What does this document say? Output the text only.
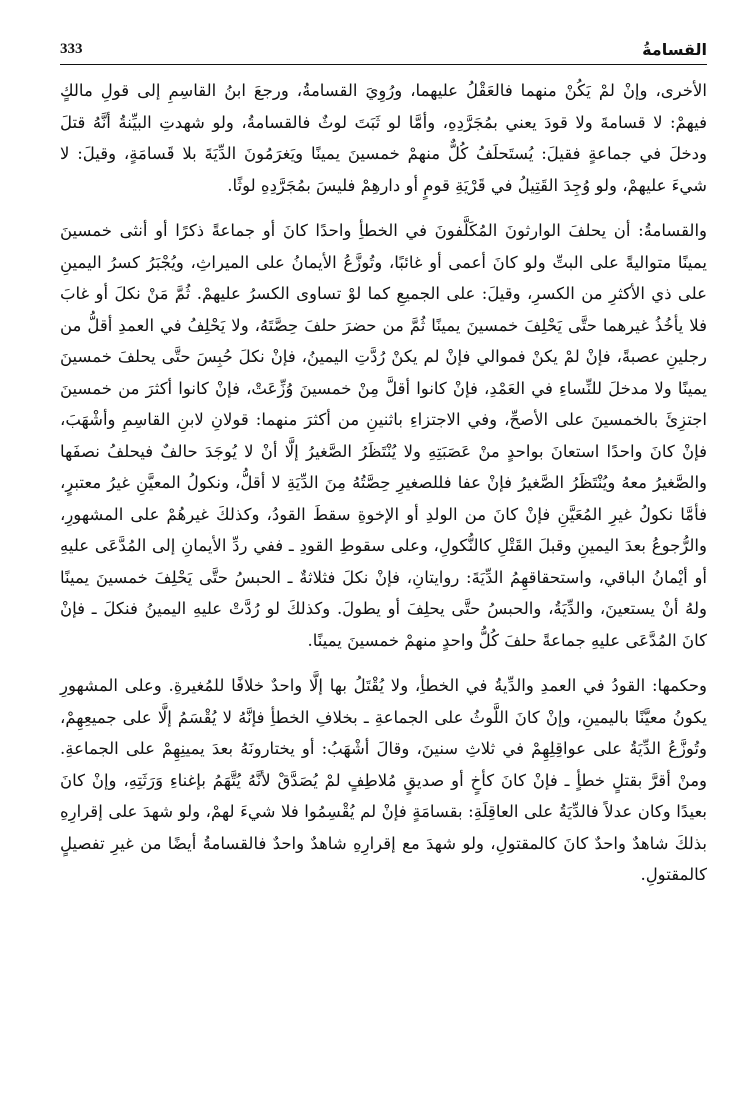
القسامةُ
333

الأخرى، وإنْ لمْ يَكُنْ منهما فالعَقْلُ عليهما، ورُوِيَ القسامةُ، ورجعَ ابنُ القاسِمِ إلى قولِ مالكٍ فيهمْ: لا قسامةَ ولا قودَ يعني بمُجَرَّدِهِ، وأمَّا لو ثَبَتَ لوثٌ فالقسامةُ، ولو شهدتِ البيِّنةُ أنَّهُ قتلَ ودخلَ في جماعةٍ فقيلَ: يُستَحلَفُ كُلٌّ منهمْ خمسينَ يمينًا ويَغرَمُونَ الدِّيَةَ بلا قَسامَةٍ، وقيلَ: لا شيءَ عليهمْ، ولو وُجِدَ القَتِيلُ في قَرْيَةِ قومٍ أو دارهِمْ فليسَ بمُجَرَّدِهِ لوثًا.

والقسامةُ: أن يحلفَ الوارثونَ المُكَلَّفونَ في الخطأِ واحدًا كانَ أو جماعةً ذكرًا أو أنثى خمسينَ يمينًا متواليةً على البتِّ ولو كانَ أعمى أو غائبًا، وتُوزَّعُ الأيمانُ على الميراثِ، ويُجْبَرُ كسرُ اليمينِ على ذي الأكثرِ من الكسرِ، وقيلَ: على الجميعِ كما لوْ تساوى الكسرُ عليهمْ. ثُمَّ مَنْ نكلَ أو غابَ فلا يأخُذُ غيرهما حتَّى يَحْلِفَ خمسينَ يمينًا ثُمَّ من حضرَ حلفَ حِصَّتَهُ، ولا يَحْلِفُ في العمدِ أقلُّ من رجلينِ عصبةً، فإنْ لمْ يكنْ فموالي فإنْ لم يكنْ رُدَّتِ اليمينُ، فإنْ نكلَ حُبِسَ حتَّى يحلفَ خمسينَ يمينًا ولا مدخلَ للنِّساءِ في العَمْدِ، فإنْ كانوا أقلَّ مِنْ خمسينَ وُزِّعَتْ، فإنْ كانوا أكثرَ من خمسينَ اجتزِئَ بالخمسينَ على الأصحِّ، وفي الاجتزاءِ باثنينِ من أكثرَ منهما: قولانِ لابنِ القاسِمِ وأشْهَبَ، فإنْ كانَ واحدًا استعانَ بواحدٍ منْ عَصَبَتِهِ ولا يُنْتَظَرُ الصَّغيرُ إلَّا أنْ لا يُوجَدَ حالفٌ فيحلفُ نصفَها والصَّغيرُ معهُ ويُنْتَظَرُ الصَّغيرُ فإنْ عفا فللصغيرِ حِصَّتُهُ مِنَ الدِّيَةِ لا أقلُّ، ونكولُ المعيَّنِ غيرُ معتبرٍ، فأمَّا نكولُ غيرِ المُعَيَّنِ فإنْ كانَ من الولدِ أو الإخوةِ سقطَ القودُ، وكذلكَ غيرهُمْ على المشهورِ، والرُّجوعُ بعدَ اليمينِ وقبلَ القَتْلِ كالنُّكولِ، وعلى سقوطِ القودِ ـ ففي ردِّ الأيمانِ إلى المُدَّعَى عليهِ أو أيْمانُ الباقي، واستحقاقهِمُ الدِّيَةَ: روايتانِ، فإنْ نكلَ فثلاثةٌ ـ الحبسُ حتَّى يَحْلِفَ خمسينَ يمينًا ولهُ أنْ يستعينَ، والدِّيَةُ، والحبسُ حتَّى يحلِفَ أو يطولَ. وكذلكَ لو رُدَّتْ عليهِ اليمينُ فنكلَ ـ فإنْ كانَ المُدَّعَى عليهِ جماعةً حلفَ كُلُّ واحدٍ منهمْ خمسينَ يمينًا.

وحكمها: القودُ في العمدِ والدِّيةُ في الخطأِ، ولا يُقْتَلُ بها إلَّا واحدٌ خلافًا للمُغيرةِ. وعلى المشهورِ يكونُ معيَّنًا باليمينِ، وإنْ كانَ اللَّوثُ على الجماعةِ ـ بخلافِ الخطأِ فإنَّهُ لا يُقْسَمُ إلَّا على جميعِهِمْ، وتُوزَّعُ الدِّيَةُ على عواقِلِهِمْ في ثلاثِ سنينَ، وقالَ أشْهَبُ: أو يختارونَهُ بعدَ يمينِهِمْ على الجماعةِ. ومنْ أقرَّ بقتلٍ خطأٍ ـ فإنْ كانَ كأخٍ أو صديقٍ مُلاطِفٍ لمْ يُصَدَّقْ لأنَّهُ يُتَّهَمُ بإغناءِ وَرَثَتِهِ، وإنْ كانَ بعيدًا وكان عدلاً فالدِّيَةُ على العاقِلَةِ: بقسامَةٍ فإنْ لم يُقْسِمُوا فلا شيءَ لهمْ، ولو شهدَ على إقرارِهِ بذلكَ شاهدٌ واحدٌ كانَ كالمقتولِ، ولو شهدَ مع إقرارِهِ شاهدٌ واحدٌ فالقسامةُ أيضًا من غيرِ تفصيلٍ كالمقتولِ.
